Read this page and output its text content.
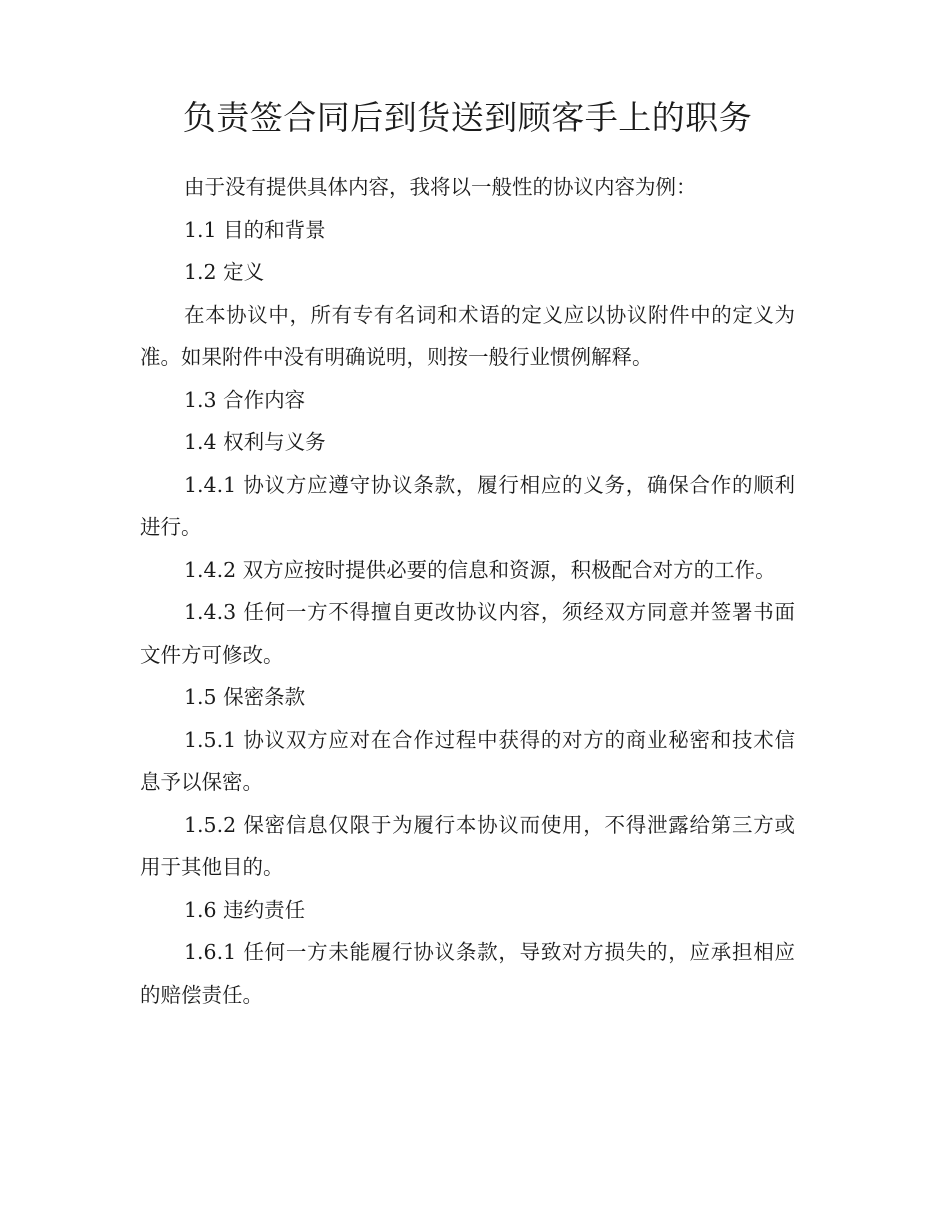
负责签合同后到货送到顾客手上的职务

由于没有提供具体内容，我将以一般性的协议内容为例：

1.1 目的和背景

1.2 定义

在本协议中，所有专有名词和术语的定义应以协议附件中的定义为准。如果附件中没有明确说明，则按一般行业惯例解释。

1.3 合作内容

1.4 权利与义务

1.4.1 协议方应遵守协议条款，履行相应的义务，确保合作的顺利进行。

1.4.2 双方应按时提供必要的信息和资源，积极配合对方的工作。

1.4.3 任何一方不得擅自更改协议内容，须经双方同意并签署书面文件方可修改。

1.5 保密条款

1.5.1 协议双方应对在合作过程中获得的对方的商业秘密和技术信息予以保密。

1.5.2 保密信息仅限于为履行本协议而使用，不得泄露给第三方或用于其他目的。

1.6 违约责任

1.6.1 任何一方未能履行协议条款，导致对方损失的，应承担相应的赔偿责任。
